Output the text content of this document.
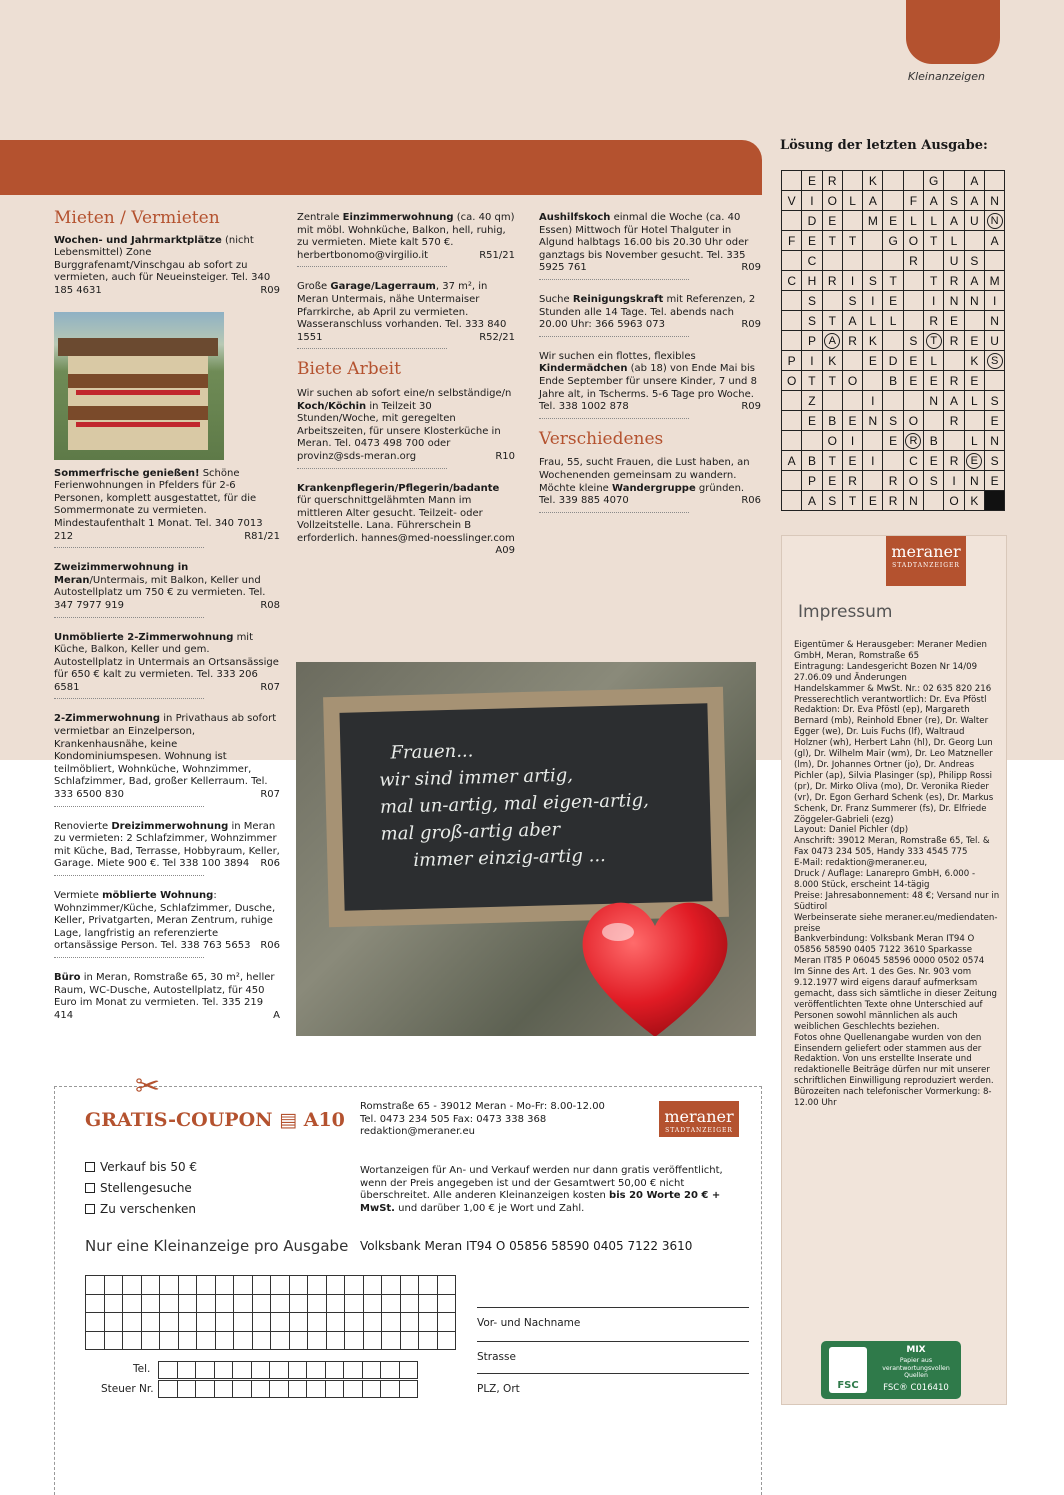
Kleinanzeigen
Mieten / Vermieten
Wochen- und Jahrmarktplätze (nicht Lebensmittel) Zone Burggrafenamt/Vinschgau ab sofort zu vermieten, auch für Neueinsteiger. Tel. 340 185 4631	R09
Sommerfrische genießen! Schöne Ferienwohnungen in Pfelders für 2-6 Personen, komplett ausgestattet, für die Sommermonate zu vermieten. Mindestaufenthalt 1 Monat. Tel. 340 7013 212	R81/21
Zweizimmerwohnung in Meran/Untermais, mit Balkon, Keller und Autostellplatz um 750 € zu vermieten. Tel. 347 7977 919	R08
Unmöblierte 2-Zimmerwohnung mit Küche, Balkon, Keller und gem. Autostellplatz in Untermais an Ortsansässige für 650 € kalt zu vermieten. Tel. 333 206 6581	R07
2-Zimmerwohnung in Privathaus ab sofort vermietbar an Einzelperson, Krankenhausnähe, keine Kondominiumspesen. Wohnung ist teilmöbliert, Wohnküche, Wohnzimmer, Schlafzimmer, Bad, großer Kellerraum. Tel. 333 6500 830	R07
Renovierte Dreizimmerwohnung in Meran zu vermieten: 2 Schlafzimmer, Wohnzimmer mit Küche, Bad, Terrasse, Hobbyraum, Keller, Garage. Miete 900 €. Tel 338 100 3894 R06
Vermiete möblierte Wohnung: Wohnzimmer/Küche, Schlafzimmer, Dusche, Keller, Privatgarten, Meran Zentrum, ruhige Lage, langfristig an referenzierte ortansässige Person. Tel. 338 763 5653 R06
Büro in Meran, Romstraße 65, 30 m², heller Raum, WC-Dusche, Autostellplatz, für 450 Euro im Monat zu vermieten. Tel. 335 219 414	A
Zentrale Einzimmerwohnung (ca. 40 qm) mit möbl. Wohnküche, Balkon, hell, ruhig, zu vermieten. Miete kalt 570 €. herbertbonomo@virgilio.it	R51/21
Große Garage/Lagerraum, 37 m², in Meran Untermais, nähe Untermaiser Pfarrkirche, ab April zu vermieten. Wasseranschluss vorhanden. Tel. 333 840 1551	R52/21
Biete Arbeit
Wir suchen ab sofort eine/n selbständige/n Koch/Köchin in Teilzeit 30 Stunden/Woche, mit geregelten Arbeitszeiten, für unsere Klosterküche in Meran. Tel. 0473 498 700 oder provinz@sds-meran.org	R10
Krankenpflegerin/Pflegerin/badante für querschnittgelähmten Mann im mittleren Alter gesucht. Teilzeit- oder Vollzeitstelle. Lana. Führerschein B erforderlich. hannes@med-noesslinger.com
A09
Aushilfskoch einmal die Woche (ca. 40 Essen) Mittwoch für Hotel Thalguter in Algund halbtags 16.00 bis 20.30 Uhr oder ganztags bis November gesucht. Tel. 335 5925 761	R09
Suche Reinigungskraft mit Referenzen, 2 Stunden alle 14 Tage. Tel. abends nach 20.00 Uhr: 366 5963 073	R09
Wir suchen ein flottes, flexibles Kindermädchen (ab 18) von Ende Mai bis Ende September für unsere Kinder, 7 und 8 Jahre alt, in Tscherms. 5-6 Tage pro Woche. Tel. 338 1002 878	R09
Verschiedenes
Frau, 55, sucht Frauen, die Lust haben, an Wochenenden gemeinsam zu wandern. Möchte kleine Wandergruppe gründen. Tel. 339 885 4070	R06
Frauen...
wir sind immer artig,
mal un-artig, mal eigen-artig,
mal groß-artig aber
immer einzig-artig ...
Lösung der letzten Ausgabe:
	E	R		K			G		A	
V	I	O	L	A		F	A	S	A	N
	D	E		M	E	L	L	A	U	N
F	E	T	T		G	O	T	L		A
	C					R		U	S	
C	H	R	I	S	T		T	R	A	M
	S		S	I	E		I	N	N	I
	S	T	A	L	L		R	E		N
	P	A	R	K		S	T	R	E	U
P	I	K		E	D	E	L		K	S
O	T	T	O		B	E	E	R	E	
	Z			I			N	A	L	S
	E	B	E	N	S	O		R		E
		O	I		E	R	B		L	N
A	B	T	E	I		C	E	R	E	S
	P	E	R		R	O	S	I	N	E
	A	S	T	E	R	N		O	K	
meraner
STADTANZEIGER
Impressum
Eigentümer & Herausgeber: Meraner Medien GmbH, Meran, Romstraße 65
Eintragung: Landesgericht Bozen Nr 14/09 27.06.09 und Änderungen
Handelskammer & MwSt. Nr.: 02 635 820 216
Presserechtlich verantwortlich: Dr. Eva Pföstl
Redaktion: Dr. Eva Pföstl (ep), Margareth Bernard (mb), Reinhold Ebner (re), Dr. Walter Egger (we), Dr. Luis Fuchs (lf), Waltraud Holzner (wh), Herbert Lahn (hl), Dr. Georg Lun (gl), Dr. Wilhelm Mair (wm), Dr. Leo Matzneller (lm), Dr. Johannes Ortner (jo), Dr. Andreas Pichler (ap), Silvia Plasinger (sp), Philipp Rossi (pr), Dr. Mirko Oliva (mo), Dr. Veronika Rieder (vr), Dr. Egon Gerhard Schenk (es), Dr. Markus Schenk, Dr. Franz Summerer (fs), Dr. Elfriede Zöggeler-Gabrieli (ezg)
Layout: Daniel Pichler (dp)
Anschrift: 39012 Meran, Romstraße 65, Tel. & Fax 0473 234 505, Handy 333 4545 775
E-Mail: redaktion@meraner.eu,
Druck / Auflage: Lanarepro GmbH, 6.000 - 8.000 Stück, erscheint 14-tägig
Preise: Jahresabonnement: 48 €; Versand nur in Südtirol
Werbeinserate siehe meraner.eu/mediendaten-preise
Bankverbindung: Volksbank Meran IT94 O 05856 58590 0405 7122 3610 Sparkasse Meran IT85 P 06045 58596 0000 0502 0574
Im Sinne des Art. 1 des Ges. Nr. 903 vom 9.12.1977 wird eigens darauf aufmerksam gemacht, dass sich sämtliche in dieser Zeitung veröffentlichten Texte ohne Unterschied auf Personen sowohl männlichen als auch weiblichen Geschlechts beziehen.
Fotos ohne Quellenangabe wurden von den Einsendern geliefert oder stammen aus der Redaktion. Von uns erstellte Inserate und redaktionelle Beiträge dürfen nur mit unserer schriftlichen Einwilligung reproduziert werden.
Bürozeiten nach telefonischer Vormerkung: 8-12.00 Uhr
FSC
MIX
Papier aus verantwortungsvollen Quellen
FSC® C016410
✂
GRATIS-COUPON ▤ A10
Verkauf bis 50 €
Stellengesuche
Zu verschenken
Nur eine Kleinanzeige pro Ausgabe
Romstraße 65 - 39012 Meran - Mo-Fr: 8.00-12.00 Tel. 0473 234 505 Fax: 0473 338 368 redaktion@meraner.eu
meraner
STADTANZEIGER
Wortanzeigen für An- und Verkauf werden nur dann gratis veröffentlicht, wenn der Preis angegeben ist und der Gesamtwert 50,00 € nicht überschreitet. Alle anderen Kleinanzeigen kosten bis 20 Worte 20 € + MwSt. und darüber 1,00 € je Wort und Zahl.
Volksbank Meran IT94 O 05856 58590 0405 7122 3610

Tel.

Steuer Nr.

Vor- und Nachname
Strasse
PLZ, Ort
